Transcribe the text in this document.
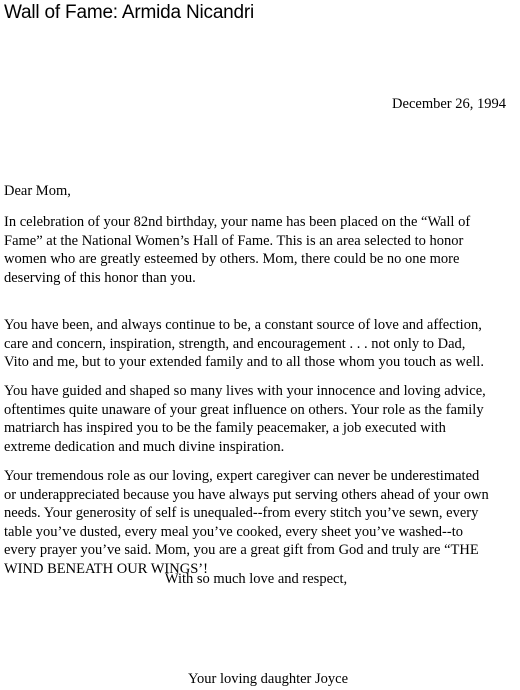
Wall of Fame: Armida Nicandri
December 26, 1994
Dear Mom,
In celebration of your 82nd birthday, your name has been placed on the “Wall of
Fame” at the National Women’s Hall of Fame. This is an area selected to honor
women who are greatly esteemed by others. Mom, there could be no one more
deserving of this honor than you.
You have been, and always continue to be, a constant source of love and affection,
care and concern, inspiration, strength, and encouragement . . . not only to Dad,
Vito and me, but to your extended family and to all those whom you touch as well.
You have guided and shaped so many lives with your innocence and loving advice,
oftentimes quite unaware of your great influence on others. Your role as the family
matriarch has inspired you to be the family peacemaker, a job executed with
extreme dedication and much divine inspiration.
Your tremendous role as our loving, expert caregiver can never be underestimated
or underappreciated because you have always put serving others ahead of your own
needs. Your generosity of self is unequaled--from every stitch you’ve sewn, every
table you’ve dusted, every meal you’ve cooked, every sheet you’ve washed--to
every prayer you’ve said. Mom, you are a great gift from God and truly are “THE
WIND BENEATH OUR WINGS’!
With so much love and respect,
Your loving daughter Joyce
